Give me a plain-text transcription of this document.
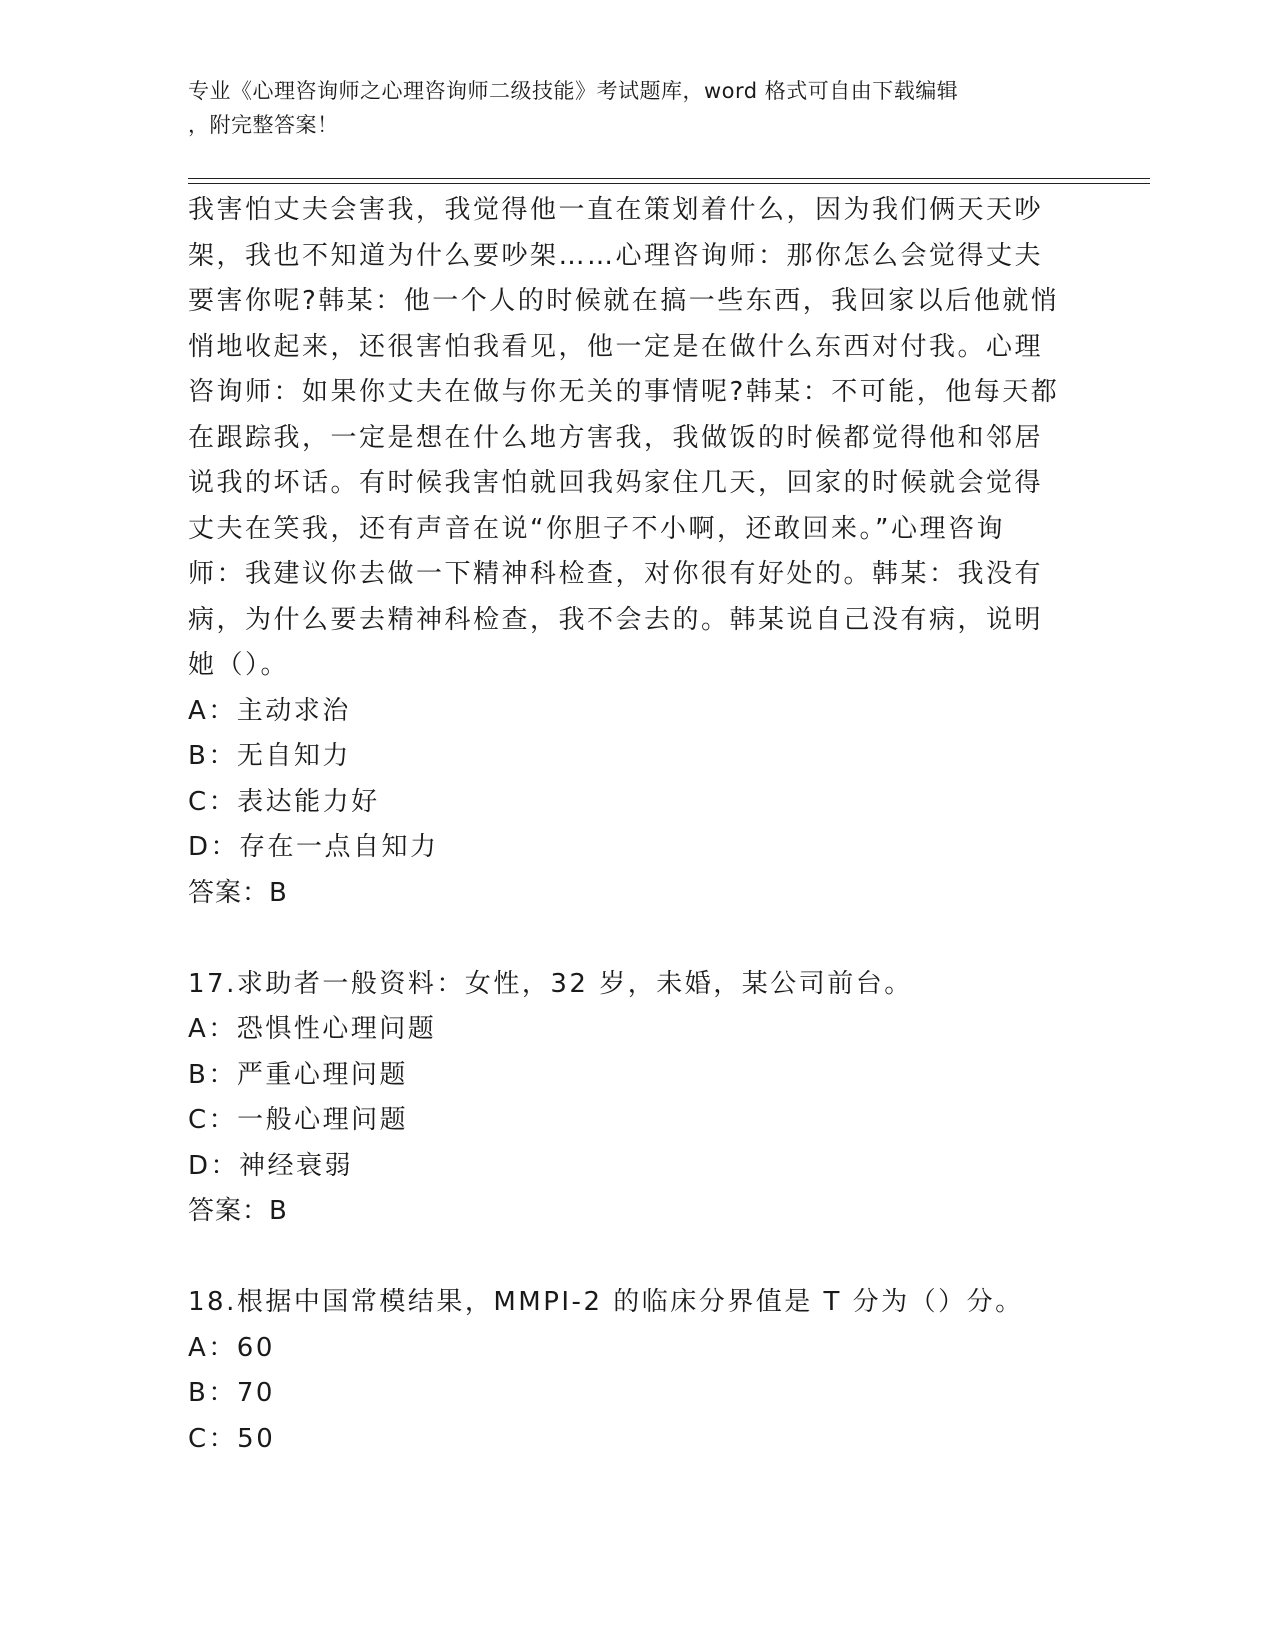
专业《心理咨询师之心理咨询师二级技能》考试题库，word 格式可自由下载编辑
，附完整答案！

我害怕丈夫会害我，我觉得他一直在策划着什么，因为我们俩天天吵

架，我也不知道为什么要吵架……心理咨询师：那你怎么会觉得丈夫

要害你呢?韩某：他一个人的时候就在搞一些东西，我回家以后他就悄

悄地收起来，还很害怕我看见，他一定是在做什么东西对付我。心理

咨询师：如果你丈夫在做与你无关的事情呢?韩某：不可能，他每天都

在跟踪我，一定是想在什么地方害我，我做饭的时候都觉得他和邻居

说我的坏话。有时候我害怕就回我妈家住几天，回家的时候就会觉得

丈夫在笑我，还有声音在说“你胆子不小啊，还敢回来。”心理咨询

师：我建议你去做一下精神科检查，对你很有好处的。韩某：我没有

病，为什么要去精神科检查，我不会去的。韩某说自己没有病，说明

她（）。

A：主动求治

B：无自知力

C：表达能力好

D：存在一点自知力

答案：B

17.求助者一般资料：女性，32 岁，未婚，某公司前台。

A：恐惧性心理问题

B：严重心理问题

C：一般心理问题

D：神经衰弱

答案：B

18.根据中国常模结果，MMPI-2 的临床分界值是 T 分为（）分。

A：60

B：70

C：50
